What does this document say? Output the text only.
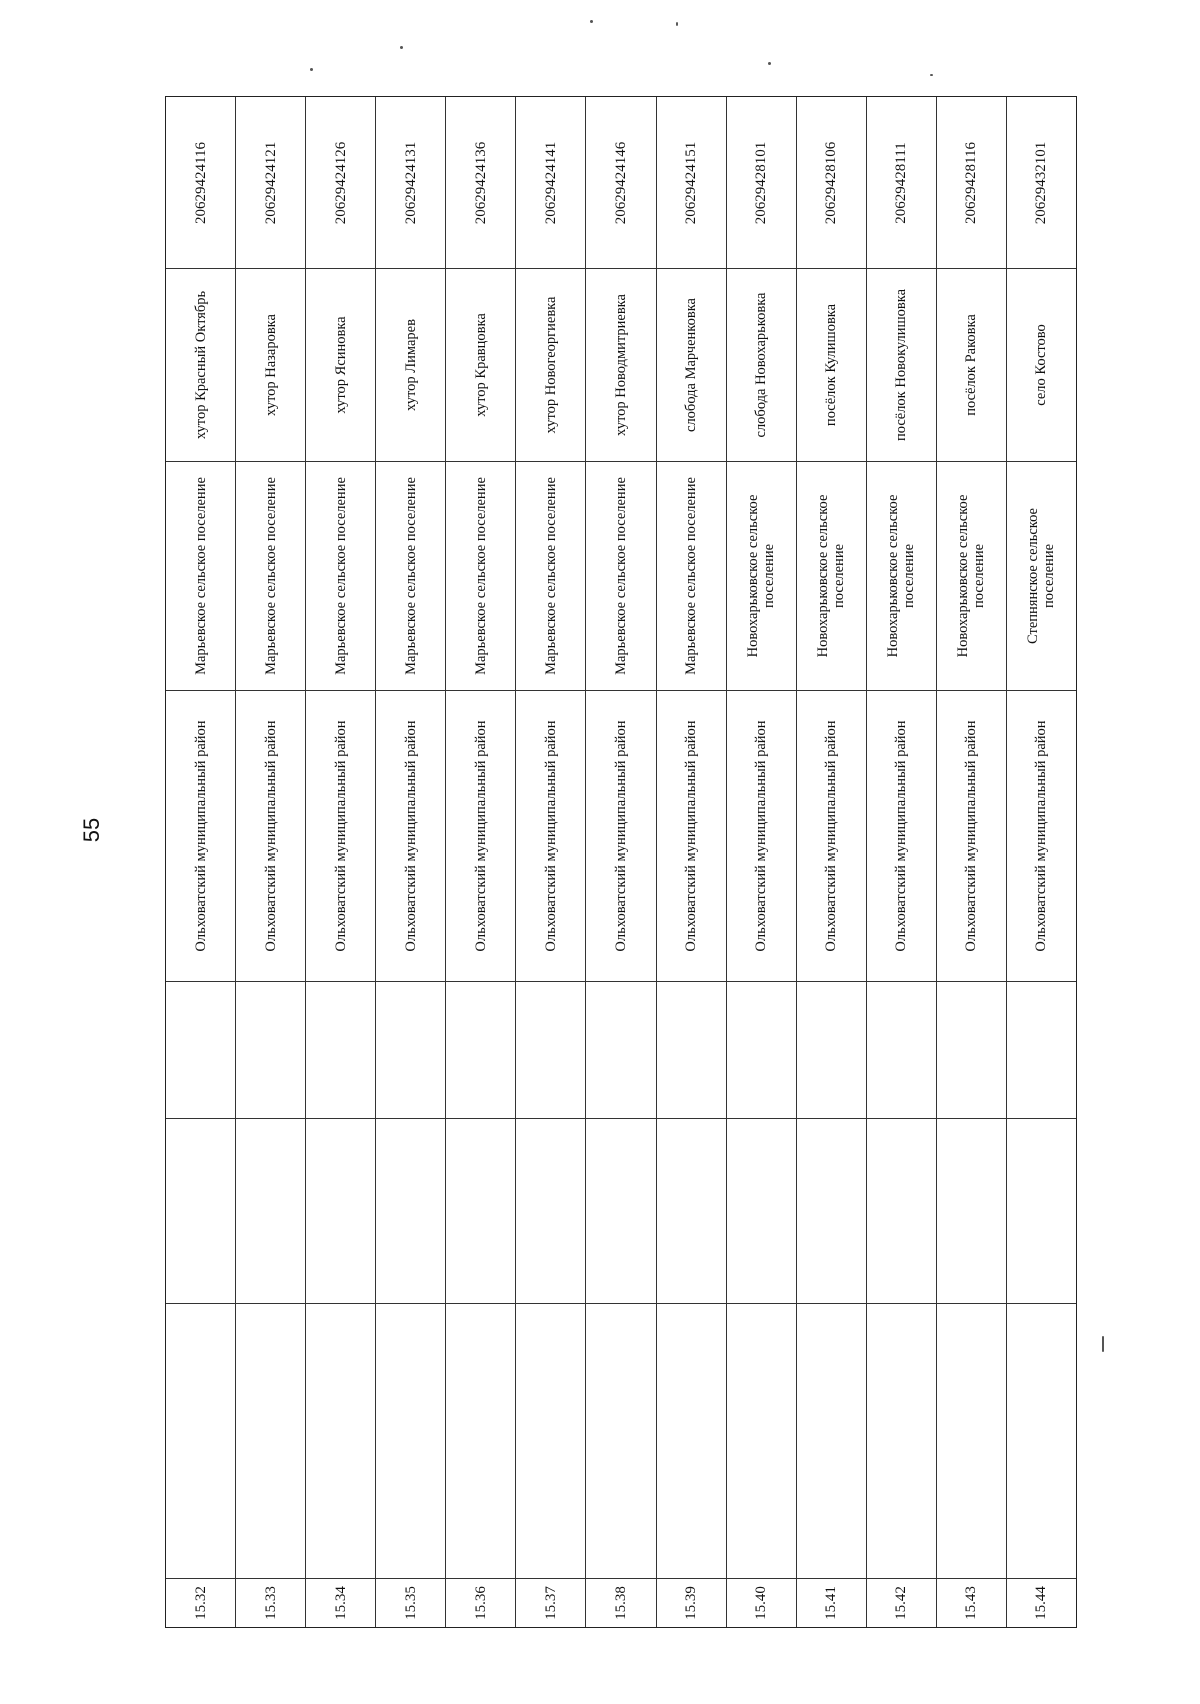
55
20629424116
хутор Красный Октябрь
Марьевское сельское поселение
Ольховатский муниципальный район
15.32
20629424121
хутор Назаровка
Марьевское сельское поселение
Ольховатский муниципальный район
15.33
20629424126
хутор Ясиновка
Марьевское сельское поселение
Ольховатский муниципальный район
15.34
20629424131
хутор Лимарев
Марьевское сельское поселение
Ольховатский муниципальный район
15.35
20629424136
хутор Кравцовка
Марьевское сельское поселение
Ольховатский муниципальный район
15.36
20629424141
хутор Новогеоргиевка
Марьевское сельское поселение
Ольховатский муниципальный район
15.37
20629424146
хутор Новодмитриевка
Марьевское сельское поселение
Ольховатский муниципальный район
15.38
20629424151
слобода Марченковка
Марьевское сельское поселение
Ольховатский муниципальный район
15.39
20629428101
слобода Новохарьковка
Новохарьковское сельское поселение
Ольховатский муниципальный район
15.40
20629428106
посёлок Кулишовка
Новохарьковское сельское поселение
Ольховатский муниципальный район
15.41
20629428111
посёлок Новокулишовка
Новохарьковское сельское поселение
Ольховатский муниципальный район
15.42
20629428116
посёлок Раковка
Новохарьковское сельское поселение
Ольховатский муниципальный район
15.43
20629432101
село Костово
Степнянское сельское поселение
Ольховатский муниципальный район
15.44
